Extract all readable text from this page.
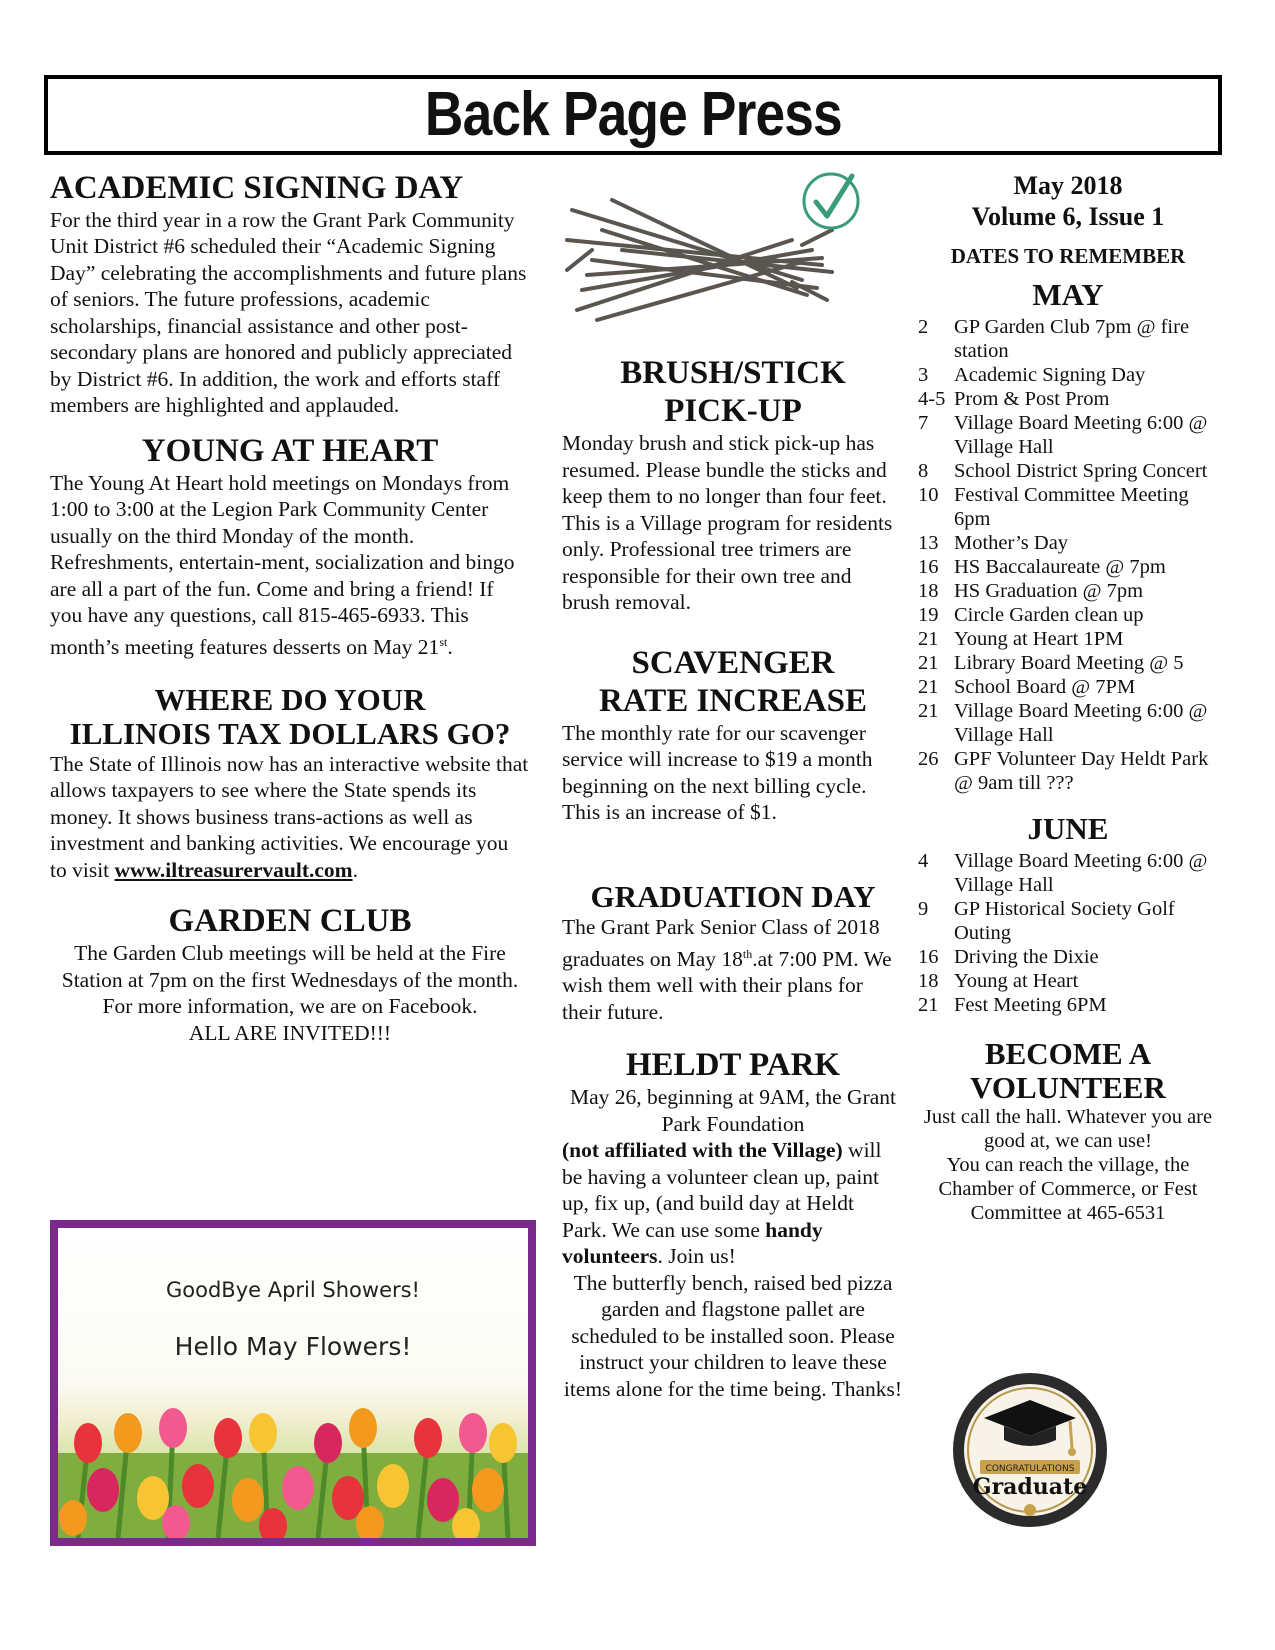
Back Page Press
ACADEMIC SIGNING DAY

For the third year in a row the Grant Park Community Unit District #6 scheduled their “Academic Signing Day” celebrating the accomplishments and future plans of seniors. The future professions, academic scholarships, financial assistance and other post-secondary plans are honored and publicly appreciated by District #6. In addition, the work and efforts staff members are highlighted and applauded.

YOUNG AT HEART

The Young At Heart hold meetings on Mondays from 1:00 to 3:00 at the Legion Park Community Center usually on the third Monday of the month. Refreshments, entertain-ment, socialization and bingo are all a part of the fun. Come and bring a friend! If you have any questions, call 815-465-6933. This month’s meeting features desserts on May 21st.

WHERE DO YOUR
ILLINOIS TAX DOLLARS GO?

The State of Illinois now has an interactive website that allows taxpayers to see where the State spends its money. It shows business trans-actions as well as investment and banking activities. We encourage you to visit www.iltreasurervault.com.

GARDEN CLUB

The Garden Club meetings will be held at the Fire Station at 7pm on the first Wednesdays of the month.

For more information, we are on Facebook.

ALL ARE INVITED!!!

GoodBye April Showers!
Hello May Flowers!
BRUSH/STICK
PICK-UP

Monday brush and stick pick-up has resumed. Please bundle the sticks and keep them to no longer than four feet. This is a Village program for residents only. Professional tree trimers are responsible for their own tree and brush removal.

SCAVENGER
RATE INCREASE

The monthly rate for our scavenger service will increase to $19 a month beginning on the next billing cycle. This is an increase of $1.

GRADUATION DAY

The Grant Park Senior Class of 2018 graduates on May 18th.at 7:00 PM. We wish them well with their plans for their future.

HELDT PARK

May 26, beginning at 9AM, the Grant Park Foundation

(not affiliated with the Village) will be having a volunteer clean up, paint up, fix up, (and build day at Heldt Park. We can use some handy volunteers. Join us!

The butterfly bench, raised bed pizza garden and flagstone pallet are scheduled to be installed soon. Please instruct your children to leave these items alone for the time being. Thanks!

May 2018
Volume 6, Issue 1
DATES TO REMEMBER
MAY
2	GP Garden Club 7pm @ fire station
3	Academic Signing Day
4-5 Prom & Post Prom
7	Village Board Meeting 6:00 @ Village Hall
8	School District Spring Concert
10 Festival Committee Meeting 6pm
13 Mother’s Day
16 HS Baccalaureate @ 7pm
18 HS Graduation @ 7pm
19 Circle Garden clean up
21 Young at Heart 1PM
21 Library Board Meeting @ 5
21 School Board @ 7PM
21 Village Board Meeting 6:00 @ Village Hall
26 GPF Volunteer Day Heldt Park @ 9am till ???
JUNE
4	Village Board Meeting 6:00 @ Village Hall
9	GP Historical Society Golf Outing
16 Driving the Dixie
18 Young at Heart
21 Fest Meeting 6PM
BECOME A
VOLUNTEER

Just call the hall. Whatever you are good at, we can use!

You can reach the village, the Chamber of Commerce, or Fest Committee at 465-6531

CONGRATULATIONS
Graduate
